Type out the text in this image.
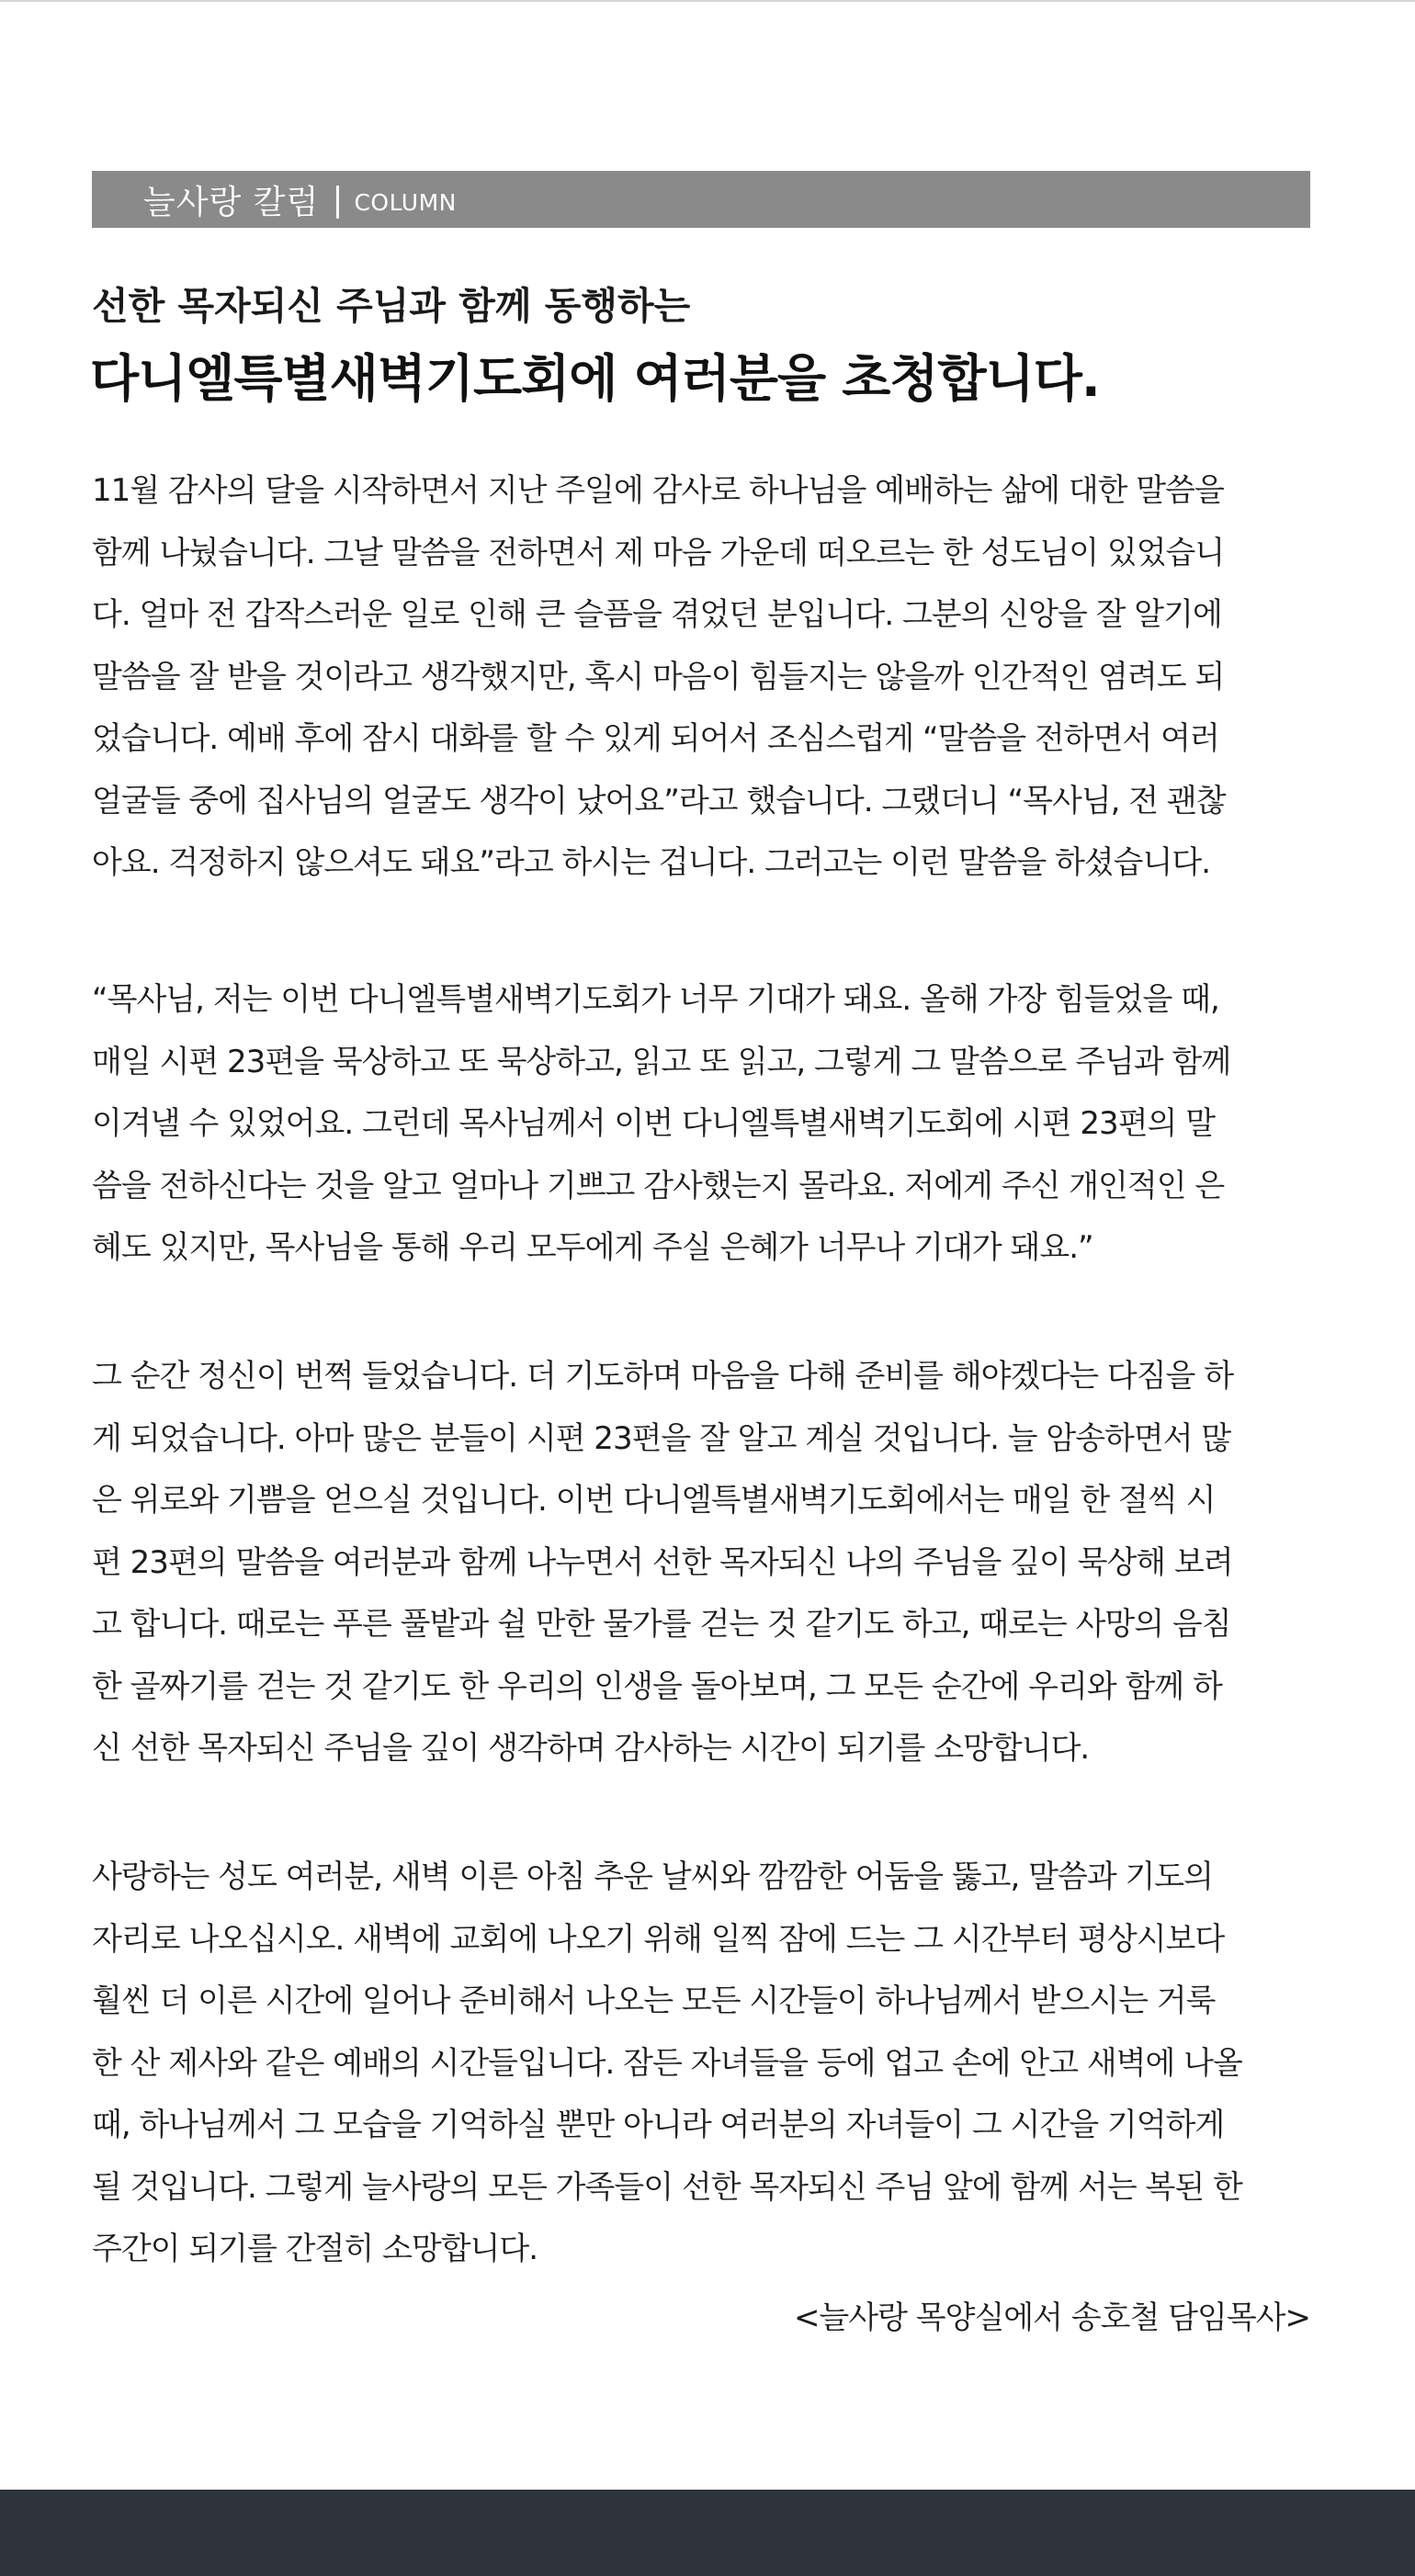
늘사랑 칼럼 | COLUMN
선한 목자되신 주님과 함께 동행하는
다니엘특별새벽기도회에 여러분을 초청합니다.
11월 감사의 달을 시작하면서 지난 주일에 감사로 하나님을 예배하는 삶에 대한 말씀을
함께 나눴습니다. 그날 말씀을 전하면서 제 마음 가운데 떠오르는 한 성도님이 있었습니
다. 얼마 전 갑작스러운 일로 인해 큰 슬픔을 겪었던 분입니다. 그분의 신앙을 잘 알기에
말씀을 잘 받을 것이라고 생각했지만, 혹시 마음이 힘들지는 않을까 인간적인 염려도 되
었습니다. 예배 후에 잠시 대화를 할 수 있게 되어서 조심스럽게 “말씀을 전하면서 여러
얼굴들 중에 집사님의 얼굴도 생각이 났어요”라고 했습니다. 그랬더니 “목사님, 전 괜찮
아요. 걱정하지 않으셔도 돼요”라고 하시는 겁니다. 그러고는 이런 말씀을 하셨습니다.
“목사님, 저는 이번 다니엘특별새벽기도회가 너무 기대가 돼요. 올해 가장 힘들었을 때,
매일 시편 23편을 묵상하고 또 묵상하고, 읽고 또 읽고, 그렇게 그 말씀으로 주님과 함께
이겨낼 수 있었어요. 그런데 목사님께서 이번 다니엘특별새벽기도회에 시편 23편의 말
씀을 전하신다는 것을 알고 얼마나 기쁘고 감사했는지 몰라요. 저에게 주신 개인적인 은
혜도 있지만, 목사님을 통해 우리 모두에게 주실 은혜가 너무나 기대가 돼요.”
그 순간 정신이 번쩍 들었습니다. 더 기도하며 마음을 다해 준비를 해야겠다는 다짐을 하
게 되었습니다. 아마 많은 분들이 시편 23편을 잘 알고 계실 것입니다. 늘 암송하면서 많
은 위로와 기쁨을 얻으실 것입니다. 이번 다니엘특별새벽기도회에서는 매일 한 절씩 시
편 23편의 말씀을 여러분과 함께 나누면서 선한 목자되신 나의 주님을 깊이 묵상해 보려
고 합니다. 때로는 푸른 풀밭과 쉴 만한 물가를 걷는 것 같기도 하고, 때로는 사망의 음침
한 골짜기를 걷는 것 같기도 한 우리의 인생을 돌아보며, 그 모든 순간에 우리와 함께 하
신 선한 목자되신 주님을 깊이 생각하며 감사하는 시간이 되기를 소망합니다.
사랑하는 성도 여러분, 새벽 이른 아침 추운 날씨와 깜깜한 어둠을 뚫고, 말씀과 기도의
자리로 나오십시오. 새벽에 교회에 나오기 위해 일찍 잠에 드는 그 시간부터 평상시보다
훨씬 더 이른 시간에 일어나 준비해서 나오는 모든 시간들이 하나님께서 받으시는 거룩
한 산 제사와 같은 예배의 시간들입니다. 잠든 자녀들을 등에 업고 손에 안고 새벽에 나올
때, 하나님께서 그 모습을 기억하실 뿐만 아니라 여러분의 자녀들이 그 시간을 기억하게
될 것입니다. 그렇게 늘사랑의 모든 가족들이 선한 목자되신 주님 앞에 함께 서는 복된 한
주간이 되기를 간절히 소망합니다.
<늘사랑 목양실에서 송호철 담임목사>
